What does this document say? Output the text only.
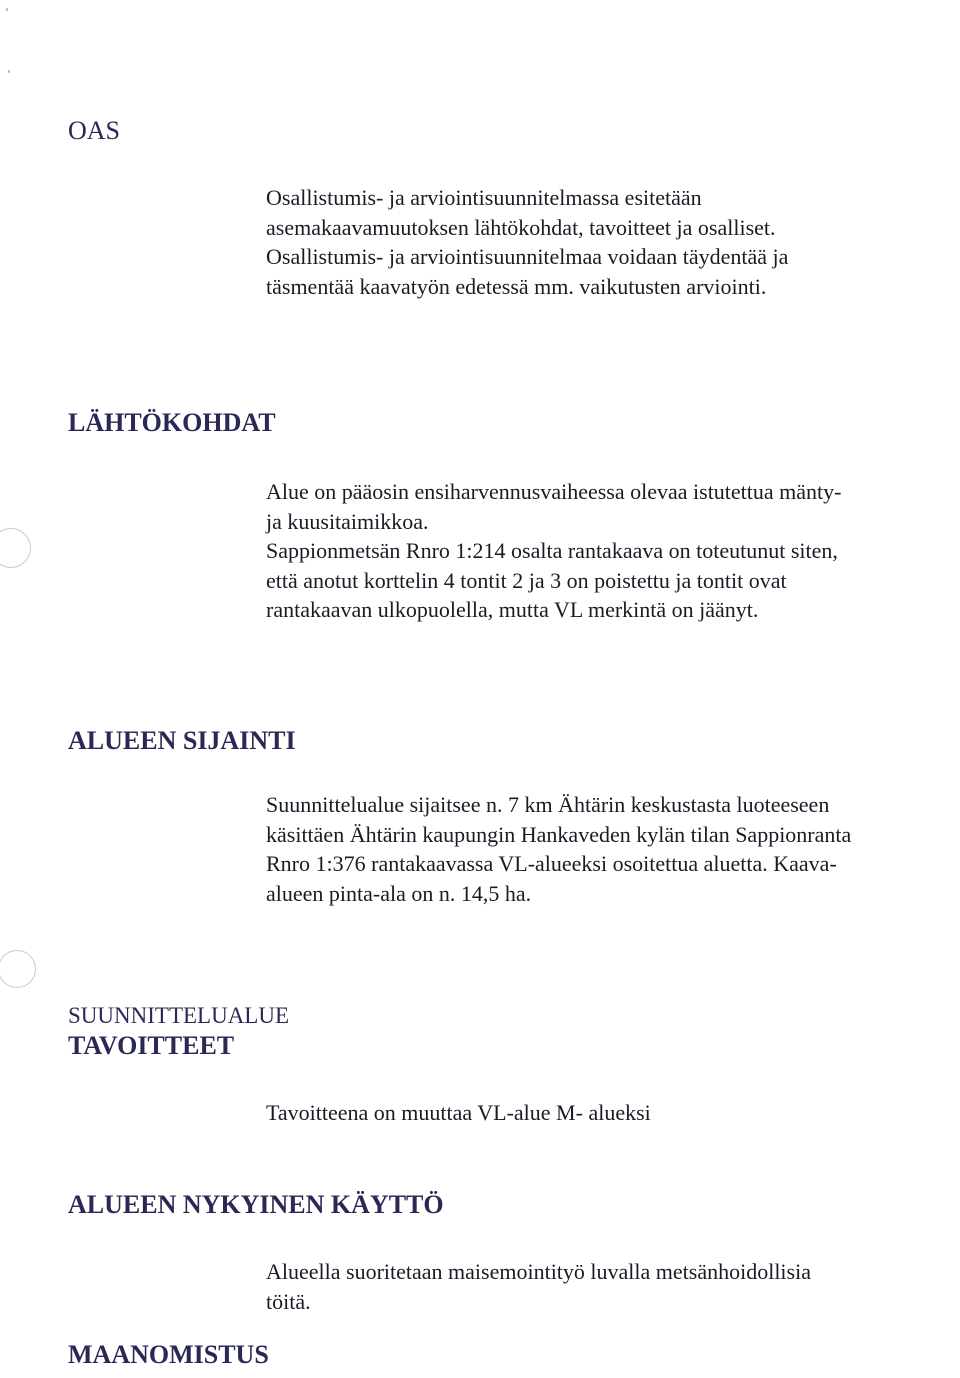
OAS
Osallistumis- ja arviointisuunnitelmassa esitetään
asemakaavamuutoksen lähtökohdat, tavoitteet ja osalliset.
Osallistumis- ja arviointisuunnitelmaa voidaan täydentää ja
täsmentää kaavatyön edetessä mm. vaikutusten arviointi.
LÄHTÖKOHDAT
Alue on pääosin ensiharvennusvaiheessa olevaa istutettua mänty-
ja kuusitaimikkoa.
Sappionmetsän Rnro 1:214 osalta rantakaava on toteutunut siten,
että anotut korttelin 4 tontit 2 ja 3 on poistettu ja tontit ovat
rantakaavan ulkopuolella, mutta VL merkintä on jäänyt.
ALUEEN SIJAINTI
Suunnittelualue sijaitsee n. 7 km Ähtärin keskustasta luoteeseen
käsittäen Ähtärin kaupungin Hankaveden kylän tilan Sappionranta
Rnro 1:376 rantakaavassa VL-alueeksi osoitettua aluetta. Kaava-
alueen pinta-ala on n. 14,5 ha.
SUUNNITTELUALUE
TAVOITTEET
Tavoitteena on muuttaa VL-alue M- alueksi
ALUEEN NYKYINEN KÄYTTÖ
Alueella suoritetaan maisemointityö luvalla metsänhoidollisia
töitä.
MAANOMISTUS
